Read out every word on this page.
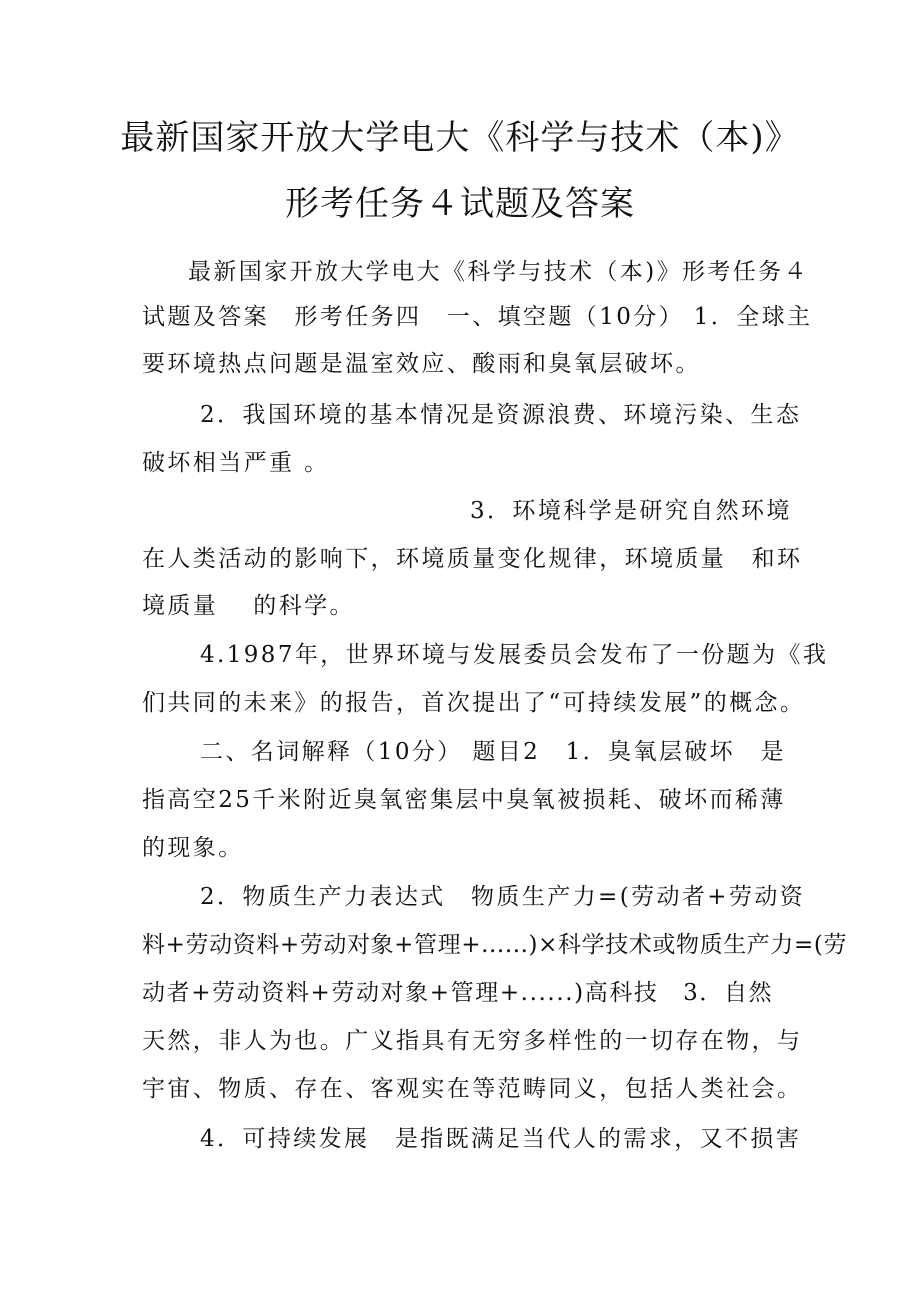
最新国家开放大学电大《科学与技术（本)》
形考任务４试题及答案
最新国家开放大学电大《科学与技术（本)》形考任务４
试题及答案　形考任务四　一、填空题（10分） 1．全球主
要环境热点问题是温室效应、酸雨和臭氧层破坏。
2．我国环境的基本情况是资源浪费、环境污染、生态
破坏相当严重 。
3．环境科学是研究自然环境
在人类活动的影响下，环境质量变化规律，环境质量　和环
境质量　 的科学。
4.1987年，世界环境与发展委员会发布了一份题为《我
们共同的未来》的报告，首次提出了“可持续发展”的概念。
二、名词解释（10分） 题目2　1．臭氧层破坏　是
指高空25千米附近臭氧密集层中臭氧被损耗、破坏而稀薄
的现象。
2．物质生产力表达式　物质生产力=(劳动者+劳动资
料+劳动资料+劳动对象+管理+......)×科学技术或物质生产力=(劳
动者+劳动资料+劳动对象+管理+......)高科技　3．自然
天然，非人为也。广义指具有无穷多样性的一切存在物，与
宇宙、物质、存在、客观实在等范畴同义，包括人类社会。
4．可持续发展　是指既满足当代人的需求，又不损害
